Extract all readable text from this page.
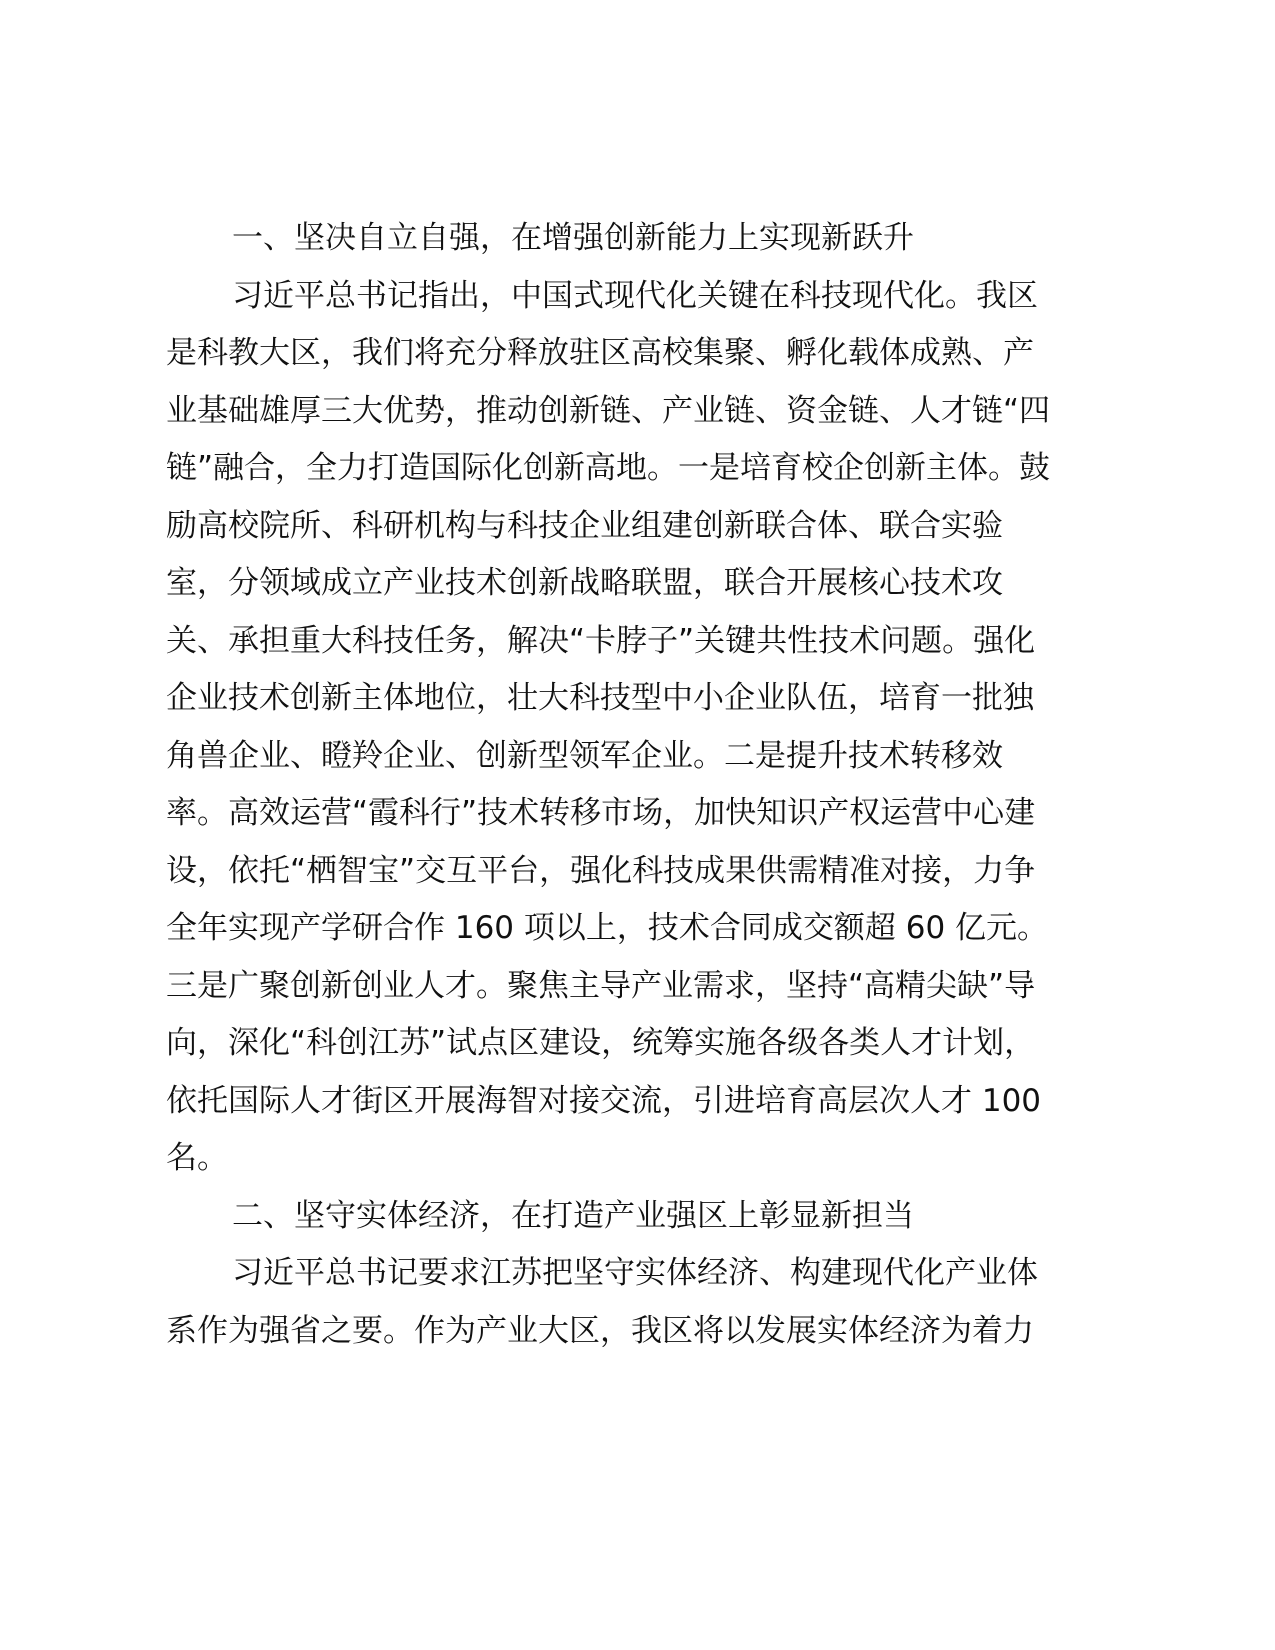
一、坚决自立自强，在增强创新能力上实现新跃升
习近平总书记指出，中国式现代化关键在科技现代化。我区
是科教大区，我们将充分释放驻区高校集聚、孵化载体成熟、产
业基础雄厚三大优势，推动创新链、产业链、资金链、人才链“四
链”融合，全力打造国际化创新高地。一是培育校企创新主体。鼓
励高校院所、科研机构与科技企业组建创新联合体、联合实验
室，分领域成立产业技术创新战略联盟，联合开展核心技术攻
关、承担重大科技任务，解决“卡脖子”关键共性技术问题。强化
企业技术创新主体地位，壮大科技型中小企业队伍，培育一批独
角兽企业、瞪羚企业、创新型领军企业。二是提升技术转移效
率。高效运营“霞科行”技术转移市场，加快知识产权运营中心建
设，依托“栖智宝”交互平台，强化科技成果供需精准对接，力争
全年实现产学研合作 160 项以上，技术合同成交额超 60 亿元。
三是广聚创新创业人才。聚焦主导产业需求，坚持“高精尖缺”导
向，深化“科创江苏”试点区建设，统筹实施各级各类人才计划，
依托国际人才街区开展海智对接交流，引进培育高层次人才 100
名。
二、坚守实体经济，在打造产业强区上彰显新担当
习近平总书记要求江苏把坚守实体经济、构建现代化产业体
系作为强省之要。作为产业大区，我区将以发展实体经济为着力
